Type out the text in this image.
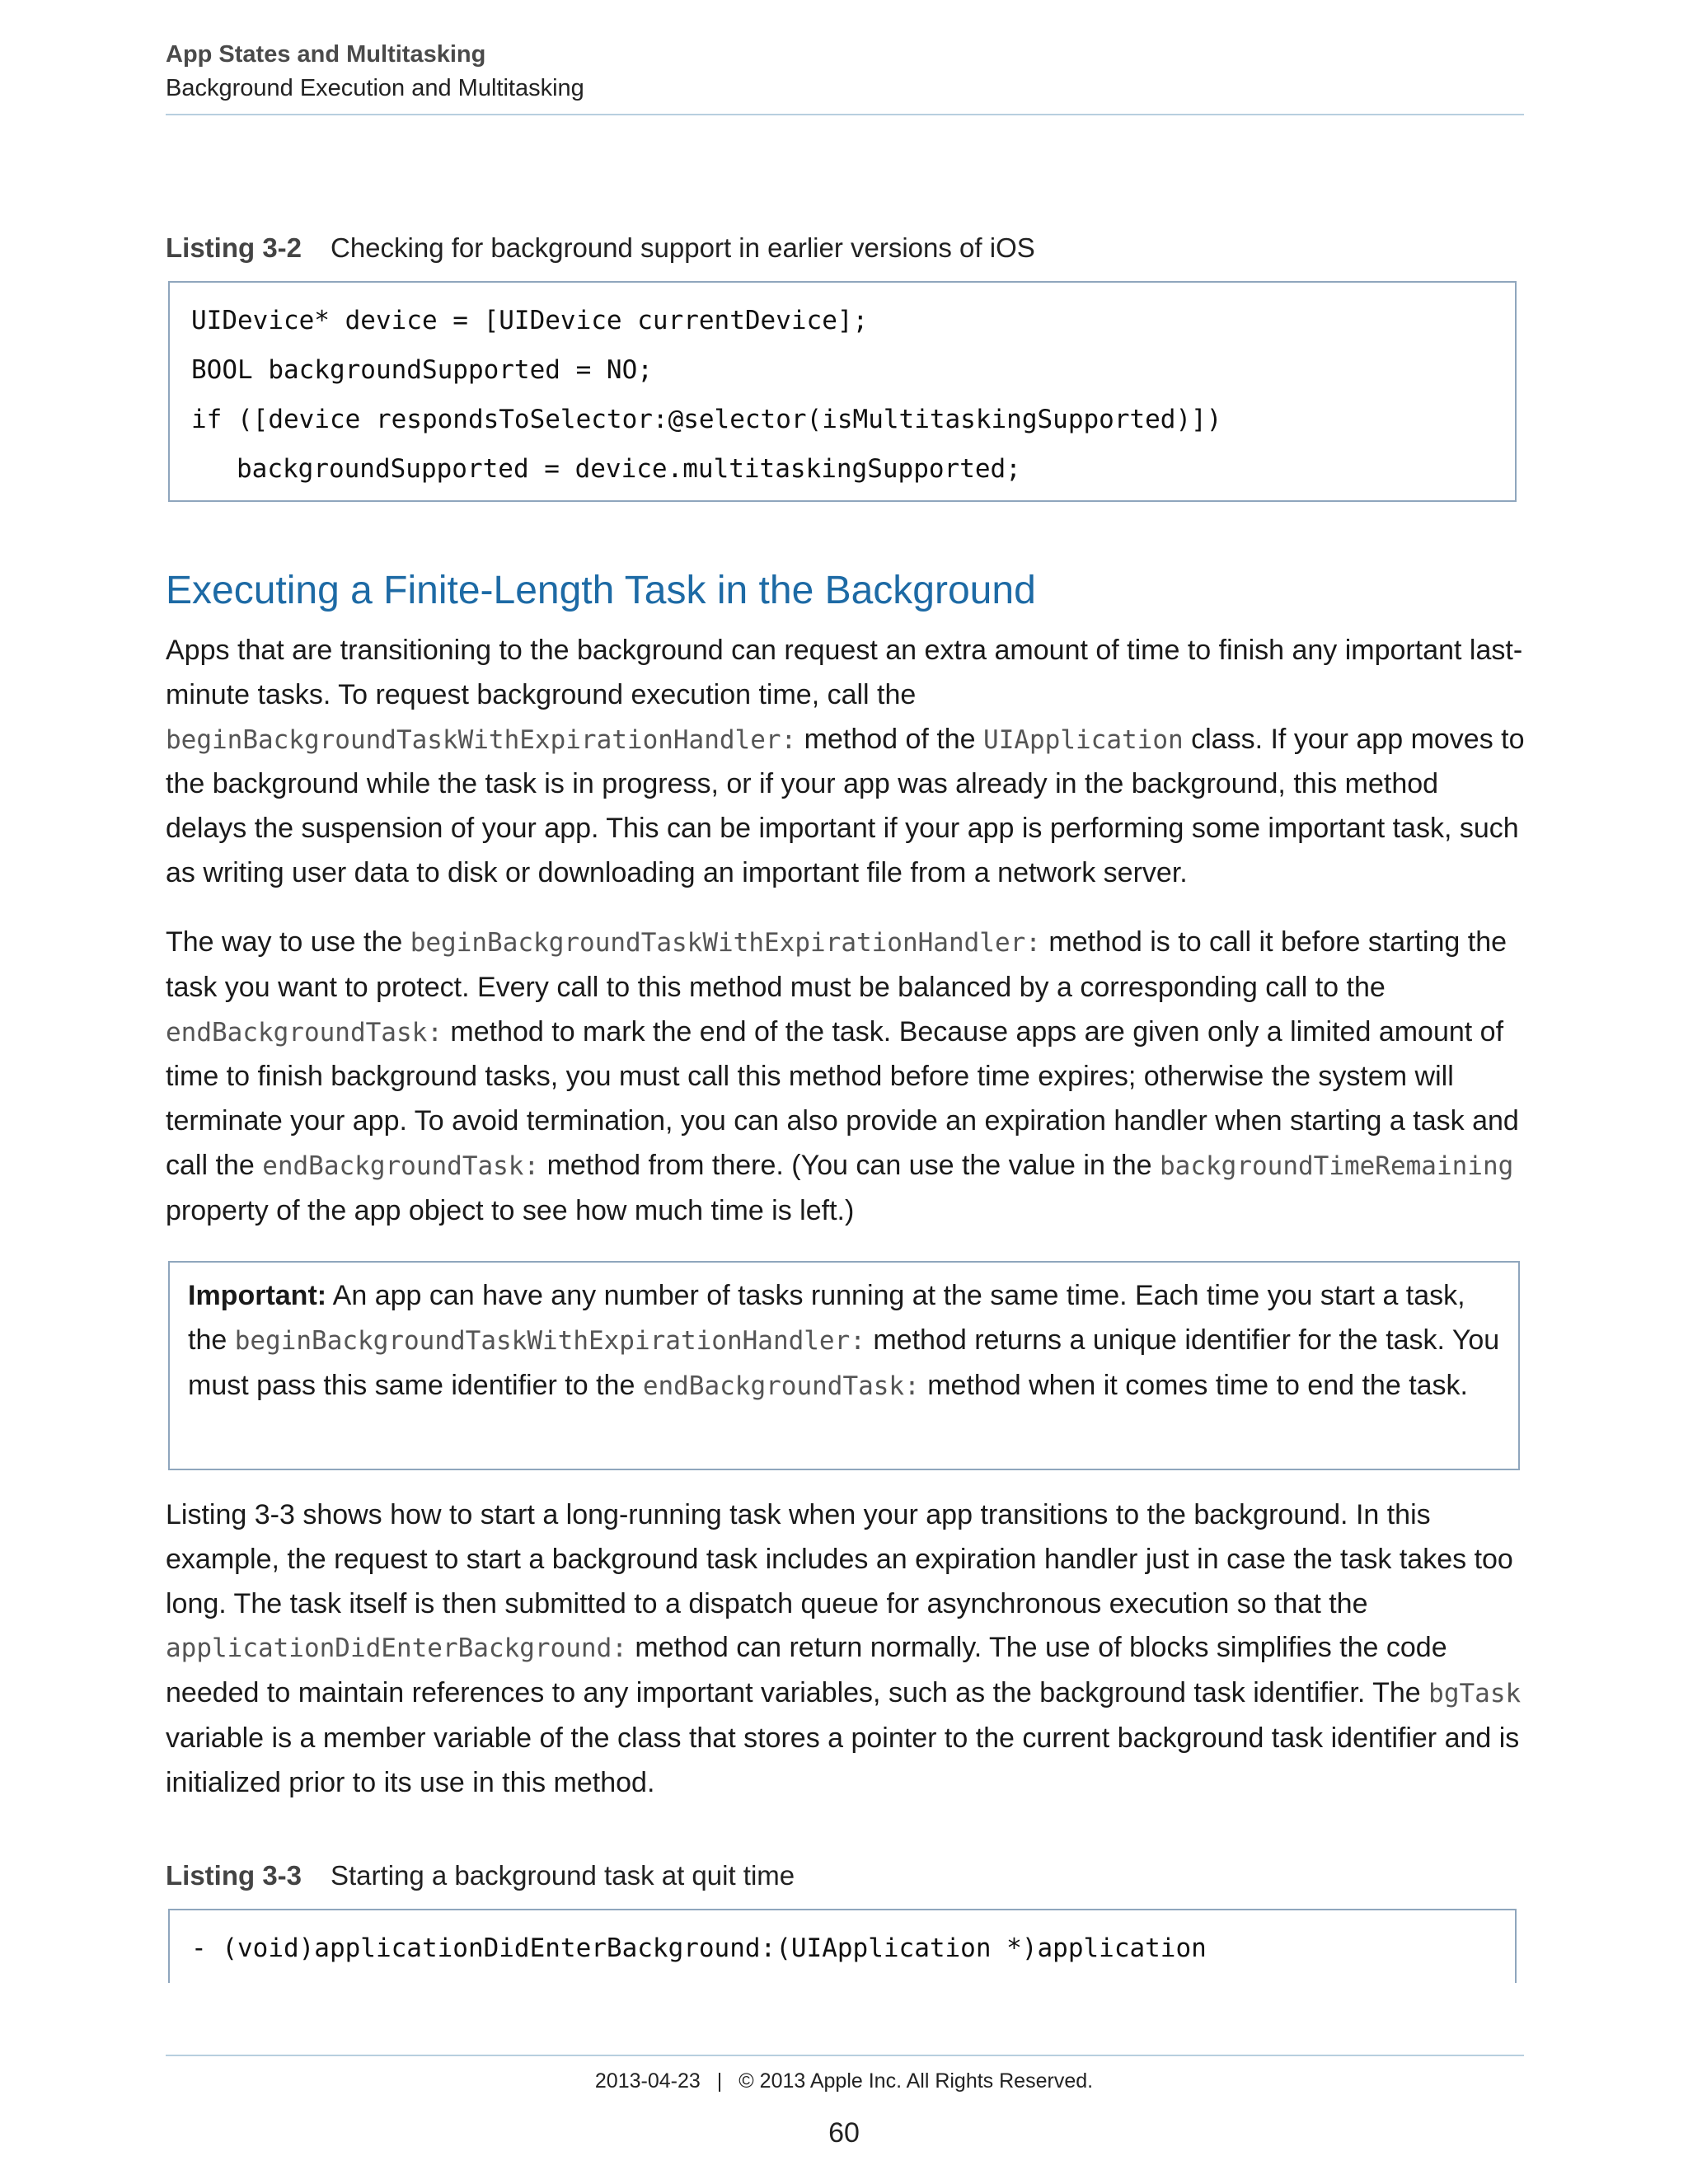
App States and Multitasking
Background Execution and Multitasking
Listing 3-2 Checking for background support in earlier versions of iOS
UIDevice* device = [UIDevice currentDevice];
BOOL backgroundSupported = NO;
if ([device respondsToSelector:@selector(isMultitaskingSupported)])
backgroundSupported = device.multitaskingSupported;
Executing a Finite-Length Task in the Background

Apps that are transitioning to the background can request an extra amount of time to finish any important last-minute tasks. To request background execution time, call the beginBackgroundTaskWithExpirationHandler: method of the UIApplication class. If your app moves to the background while the task is in progress, or if your app was already in the background, this method delays the suspension of your app. This can be important if your app is performing some important task, such as writing user data to disk or downloading an important file from a network server.

The way to use the beginBackgroundTaskWithExpirationHandler: method is to call it before starting the task you want to protect. Every call to this method must be balanced by a corresponding call to the endBackgroundTask: method to mark the end of the task. Because apps are given only a limited amount of time to finish background tasks, you must call this method before time expires; otherwise the system will terminate your app. To avoid termination, you can also provide an expiration handler when starting a task and call the endBackgroundTask: method from there. (You can use the value in the backgroundTimeRemaining property of the app object to see how much time is left.)

Important: An app can have any number of tasks running at the same time. Each time you start a task, the beginBackgroundTaskWithExpirationHandler: method returns a unique identifier for the task. You must pass this same identifier to the endBackgroundTask: method when it comes time to end the task.

Listing 3-3 shows how to start a long-running task when your app transitions to the background. In this example, the request to start a background task includes an expiration handler just in case the task takes too long. The task itself is then submitted to a dispatch queue for asynchronous execution so that the applicationDidEnterBackground: method can return normally. The use of blocks simplifies the code needed to maintain references to any important variables, such as the background task identifier. The bgTask variable is a member variable of the class that stores a pointer to the current background task identifier and is initialized prior to its use in this method.

Listing 3-3 Starting a background task at quit time
- (void)applicationDidEnterBackground:(UIApplication *)application
2013-04-23 | © 2013 Apple Inc. All Rights Reserved.
60
